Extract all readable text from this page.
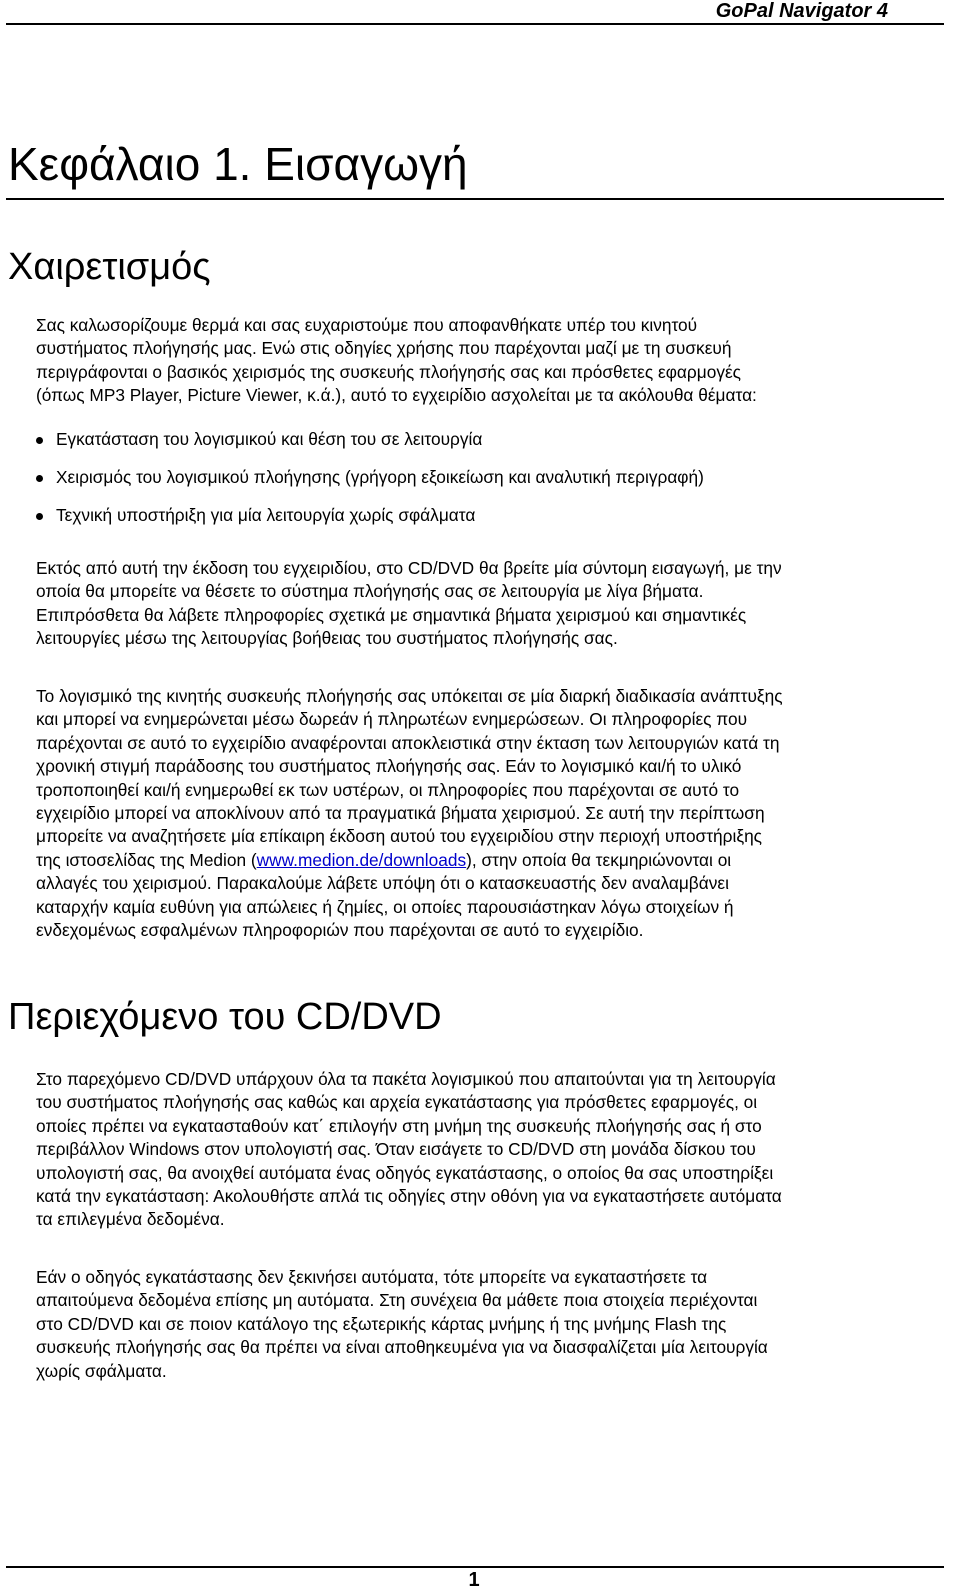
GoPal Navigator 4
Κεφάλαιο 1. Εισαγωγή
Χαιρετισμός

Σας καλωσορίζουμε θερμά και σας ευχαριστούμε που αποφανθήκατε υπέρ του κινητού
συστήματος πλοήγησής μας. Ενώ στις οδηγίες χρήσης που παρέχονται μαζί με τη συσκευή
περιγράφονται ο βασικός χειρισμός της συσκευής πλοήγησής σας και πρόσθετες εφαρμογές
(όπως MP3 Player, Picture Viewer, κ.ά.), αυτό το εγχειρίδιο ασχολείται με τα ακόλουθα θέματα:

Εγκατάσταση του λογισμικού και θέση του σε λειτουργία
Χειρισμός του λογισμικού πλοήγησης (γρήγορη εξοικείωση και αναλυτική περιγραφή)
Τεχνική υποστήριξη για μία λειτουργία χωρίς σφάλματα

Εκτός από αυτή την έκδοση του εγχειριδίου, στο CD/DVD θα βρείτε μία σύντομη εισαγωγή, με την
οποία θα μπορείτε να θέσετε το σύστημα πλοήγησής σας σε λειτουργία με λίγα βήματα.
Επιπρόσθετα θα λάβετε πληροφορίες σχετικά με σημαντικά βήματα χειρισμού και σημαντικές
λειτουργίες μέσω της λειτουργίας βοήθειας του συστήματος πλοήγησής σας.

Το λογισμικό της κινητής συσκευής πλοήγησής σας υπόκειται σε μία διαρκή διαδικασία ανάπτυξης
και μπορεί να ενημερώνεται μέσω δωρεάν ή πληρωτέων ενημερώσεων. Οι πληροφορίες που
παρέχονται σε αυτό το εγχειρίδιο αναφέρονται αποκλειστικά στην έκταση των λειτουργιών κατά τη
χρονική στιγμή παράδοσης του συστήματος πλοήγησής σας. Εάν το λογισμικό και/ή το υλικό
τροποποιηθεί και/ή ενημερωθεί εκ των υστέρων, οι πληροφορίες που παρέχονται σε αυτό το
εγχειρίδιο μπορεί να αποκλίνουν από τα πραγματικά βήματα χειρισμού. Σε αυτή την περίπτωση
μπορείτε να αναζητήσετε μία επίκαιρη έκδοση αυτού του εγχειριδίου στην περιοχή υποστήριξης
της ιστοσελίδας της Medion (www.medion.de/downloads), στην οποία θα τεκμηριώνονται οι
αλλαγές του χειρισμού. Παρακαλούμε λάβετε υπόψη ότι ο κατασκευαστής δεν αναλαμβάνει
καταρχήν καμία ευθύνη για απώλειες ή ζημίες, οι οποίες παρουσιάστηκαν λόγω στοιχείων ή
ενδεχομένως εσφαλμένων πληροφοριών που παρέχονται σε αυτό το εγχειρίδιο.

Περιεχόμενο του CD/DVD

Στο παρεχόμενο CD/DVD υπάρχουν όλα τα πακέτα λογισμικού που απαιτούνται για τη λειτουργία
του συστήματος πλοήγησής σας καθώς και αρχεία εγκατάστασης για πρόσθετες εφαρμογές, οι
οποίες πρέπει να εγκατασταθούν κατ΄ επιλογήν στη μνήμη της συσκευής πλοήγησής σας ή στο
περιβάλλον Windows στον υπολογιστή σας. Όταν εισάγετε το CD/DVD στη μονάδα δίσκου του
υπολογιστή σας, θα ανοιχθεί αυτόματα ένας οδηγός εγκατάστασης, ο οποίος θα σας υποστηρίξει
κατά την εγκατάσταση: Ακολουθήστε απλά τις οδηγίες στην οθόνη για να εγκαταστήσετε αυτόματα
τα επιλεγμένα δεδομένα.

Εάν ο οδηγός εγκατάστασης δεν ξεκινήσει αυτόματα, τότε μπορείτε να εγκαταστήσετε τα
απαιτούμενα δεδομένα επίσης μη αυτόματα. Στη συνέχεια θα μάθετε ποια στοιχεία περιέχονται
στο CD/DVD και σε ποιον κατάλογο της εξωτερικής κάρτας μνήμης ή της μνήμης Flash της
συσκευής πλοήγησής σας θα πρέπει να είναι αποθηκευμένα για να διασφαλίζεται μία λειτουργία
χωρίς σφάλματα.

1
